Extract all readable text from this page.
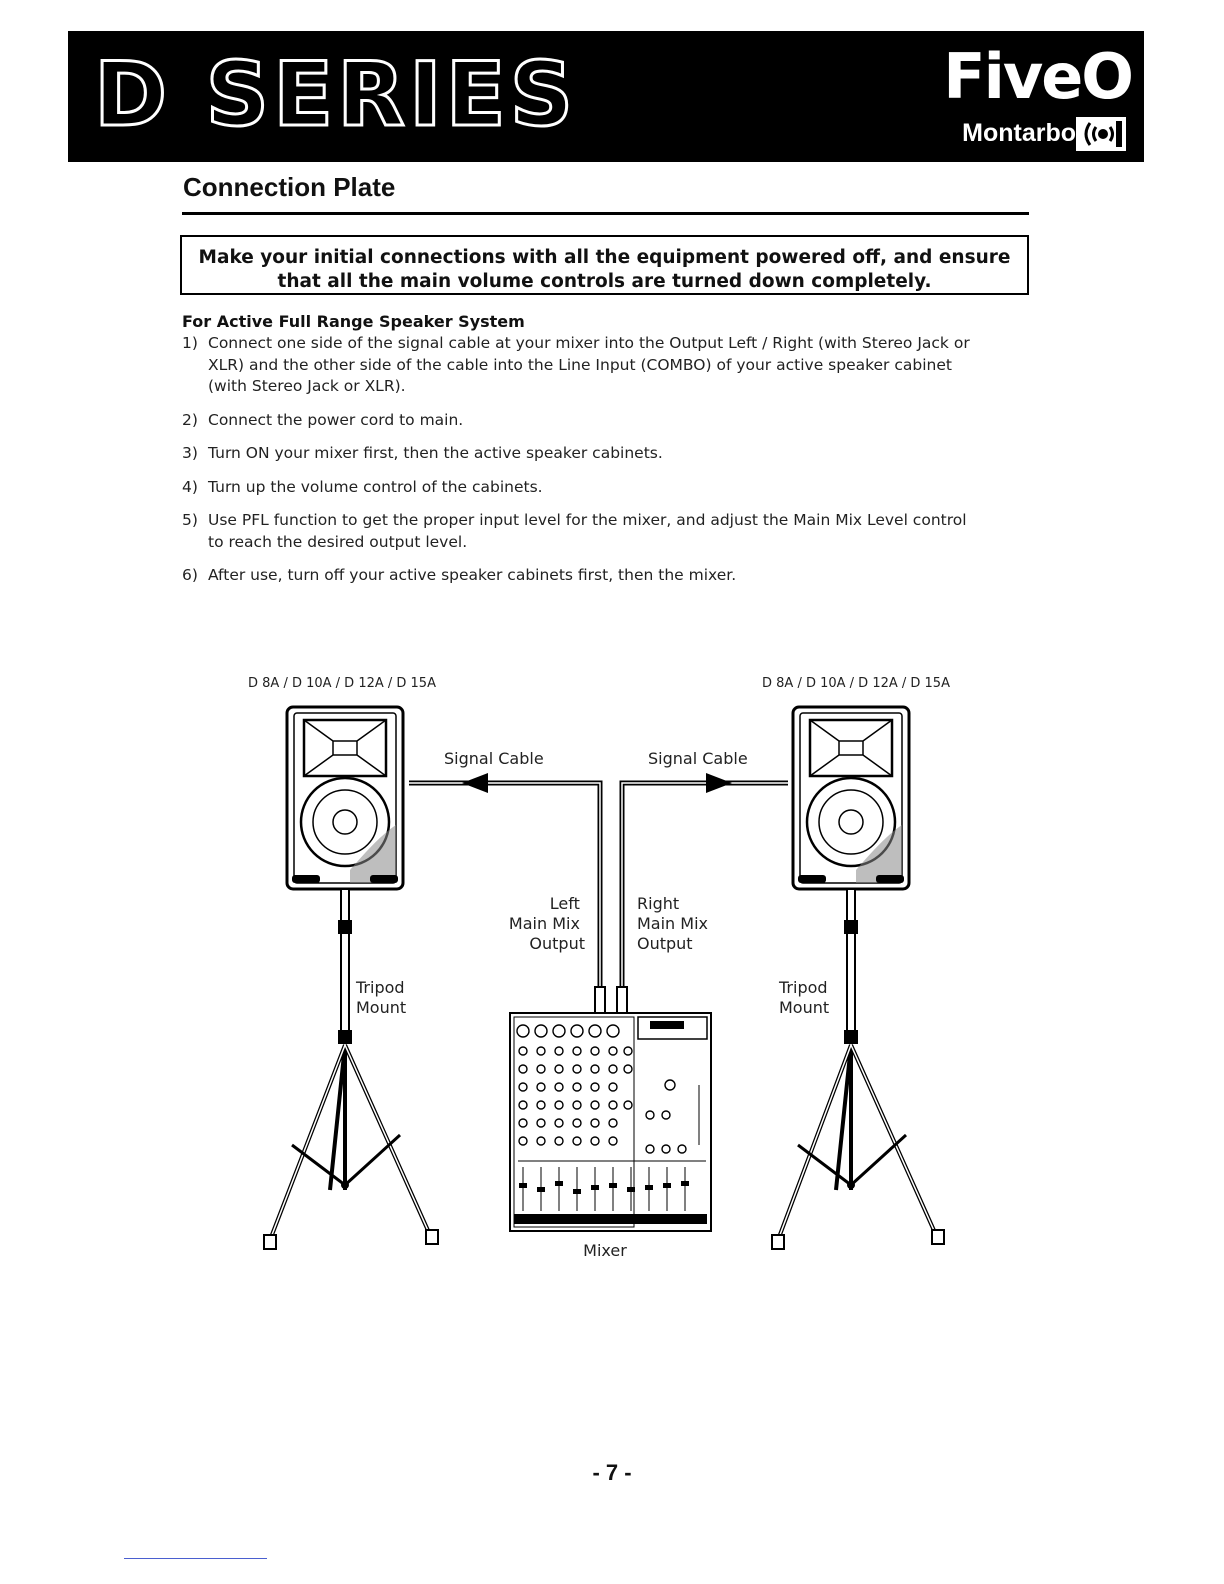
D SERIES	FiveO
Montarbo
Connection Plate
Make your initial connections with all the equipment powered off, and ensure
that all the main volume controls are turned down completely.
For Active Full Range Speaker System
1) Connect one side of the signal cable at your mixer into the Output Left / Right (with Stereo Jack or XLR) and the other side of the cable into the Line Input (COMBO) of your active speaker cabinet (with Stereo Jack or XLR).
2) Connect the power cord to main.
3) Turn ON your mixer first, then the active speaker cabinets.
4) Turn up the volume control of the cabinets.
5) Use PFL function to get the proper input level for the mixer, and adjust the Main Mix Level control to reach the desired output level.
6) After use, turn off your active speaker cabinets first, then the mixer.
D 8A / D 10A / D 12A / D 15A	D 8A / D 10A / D 12A / D 15A
Signal Cable	Signal Cable
Left Main Mix Output
Right Main Mix Output
Tripod Mount
Tripod Mount
Mixer
- 7 -
